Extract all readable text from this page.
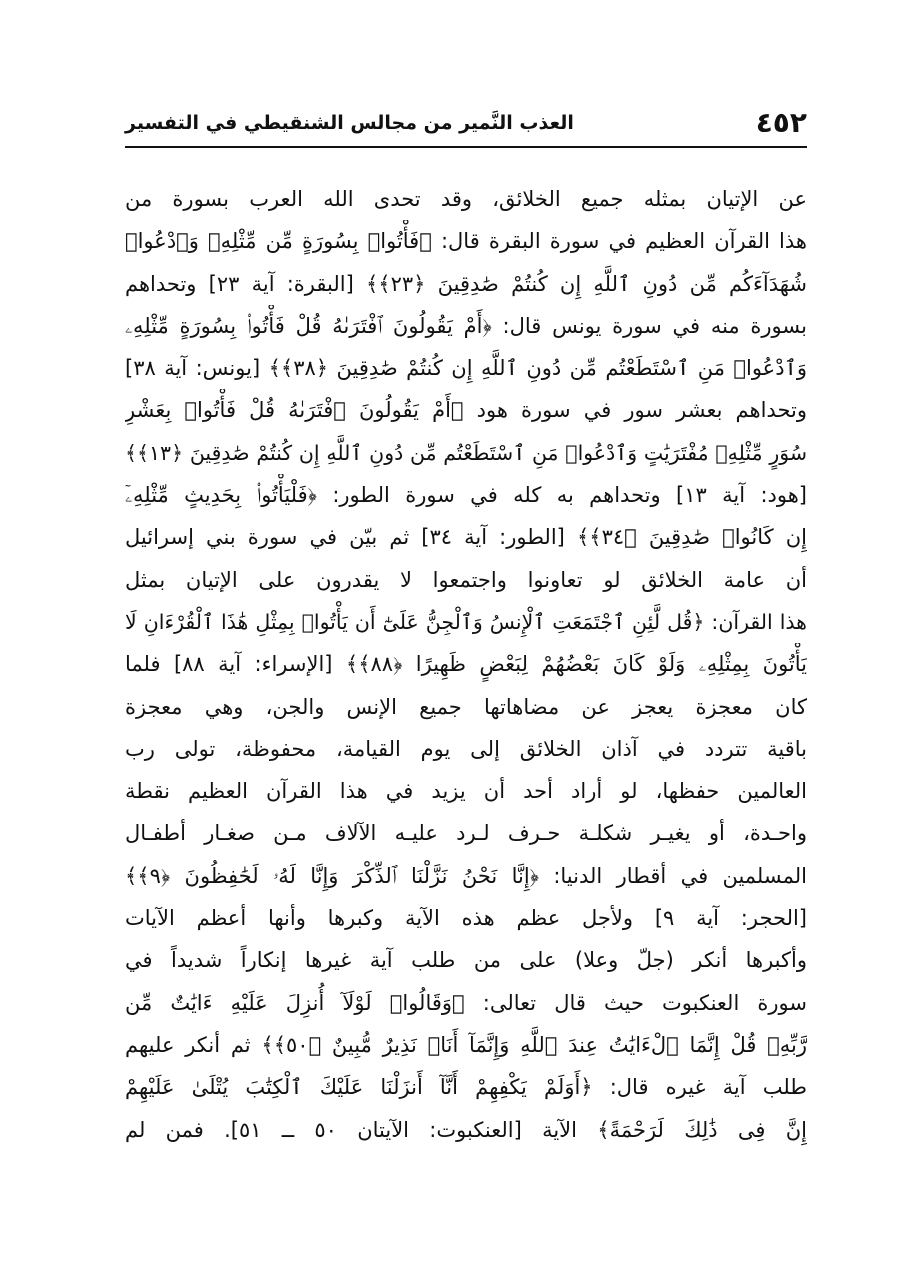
٤٥٢
العذب النَّمير من مجالس الشنقيطي في التفسير
عن الإتيان بمثله جميع الخلائق، وقد تحدى الله العرب بسورة من
هذا القرآن العظيم في سورة البقرة قال: ﴿فَأْتُوا۟ بِسُورَةٍ مِّن مِّثْلِهِۦ وَٱدْعُوا۟
شُهَدَآءَكُم مِّن دُونِ ٱللَّهِ إِن كُنتُمْ صَٰدِقِينَ ﴿٢٣﴾﴾ [البقرة: آية ٢٣] وتحداهم
بسورة منه في سورة يونس قال: ﴿أَمْ يَقُولُونَ ٱفْتَرَىٰهُ قُلْ فَأْتُوا۟ بِسُورَةٍ مِّثْلِهِۦ
وَٱدْعُوا۟ مَنِ ٱسْتَطَعْتُم مِّن دُونِ ٱللَّهِ إِن كُنتُمْ صَٰدِقِينَ ﴿٣٨﴾﴾ [يونس: آية ٣٨]
وتحداهم بعشر سور في سورة هود ﴿أَمْ يَقُولُونَ ٱفْتَرَىٰهُ قُلْ فَأْتُوا۟ بِعَشْرِ
سُوَرٍ مِّثْلِهِۦ مُفْتَرَيَٰتٍ وَٱدْعُوا۟ مَنِ ٱسْتَطَعْتُم مِّن دُونِ ٱللَّهِ إِن كُنتُمْ صَٰدِقِينَ ﴿١٣﴾﴾
[هود: آية ١٣] وتحداهم به كله في سورة الطور: ﴿فَلْيَأْتُوا۟ بِحَدِيثٍ مِّثْلِهِۦٓ
إِن كَانُوا۟ صَٰدِقِينَ ﴿٣٤﴾﴾ [الطور: آية ٣٤] ثم بيّن في سورة بني إسرائيل
أن عامة الخلائق لو تعاونوا واجتمعوا لا يقدرون على الإتيان بمثل
هذا القرآن: ﴿قُل لَّئِنِ ٱجْتَمَعَتِ ٱلْإِنسُ وَٱلْجِنُّ عَلَىٰٓ أَن يَأْتُوا۟ بِمِثْلِ هَٰذَا ٱلْقُرْءَانِ لَا
يَأْتُونَ بِمِثْلِهِۦ وَلَوْ كَانَ بَعْضُهُمْ لِبَعْضٍ ظَهِيرًا ﴿٨٨﴾﴾ [الإسراء: آية ٨٨] فلما
كان معجزة يعجز عن مضاهاتها جميع الإنس والجن، وهي معجزة
باقية تتردد في آذان الخلائق إلى يوم القيامة، محفوظة، تولى رب
العالمين حفظها، لو أراد أحد أن يزيد في هذا القرآن العظيم نقطة
واحـدة، أو يغيـر شكلـة حـرف لـرد عليـه الآلاف مـن صغـار أطفـال
المسلمين في أقطار الدنيا: ﴿إِنَّا نَحْنُ نَزَّلْنَا ٱلذِّكْرَ وَإِنَّا لَهُۥ لَحَٰفِظُونَ ﴿٩﴾﴾
[الحجر: آية ٩] ولأجل عظم هذه الآية وكبرها وأنها أعظم الآيات
وأكبرها أنكر (جلّ وعلا) على من طلب آية غيرها إنكاراً شديداً في
سورة العنكبوت حيث قال تعالى: ﴿وَقَالُوا۟ لَوْلَآ أُنزِلَ عَلَيْهِ ءَايَٰتٌ مِّن
رَّبِّهِۦ قُلْ إِنَّمَا ٱلْءَايَٰتُ عِندَ ٱللَّهِ وَإِنَّمَآ أَنَا۠ نَذِيرٌ مُّبِينٌ ﴿٥٠﴾﴾ ثم أنكر عليهم
طلب آية غيره قال: ﴿أَوَلَمْ يَكْفِهِمْ أَنَّآ أَنزَلْنَا عَلَيْكَ ٱلْكِتَٰبَ يُتْلَىٰ عَلَيْهِمْ
إِنَّ فِى ذَٰلِكَ لَرَحْمَةً﴾ الآية [العنكبوت: الآيتان ٥٠ ــ ٥١]. فمن لم
